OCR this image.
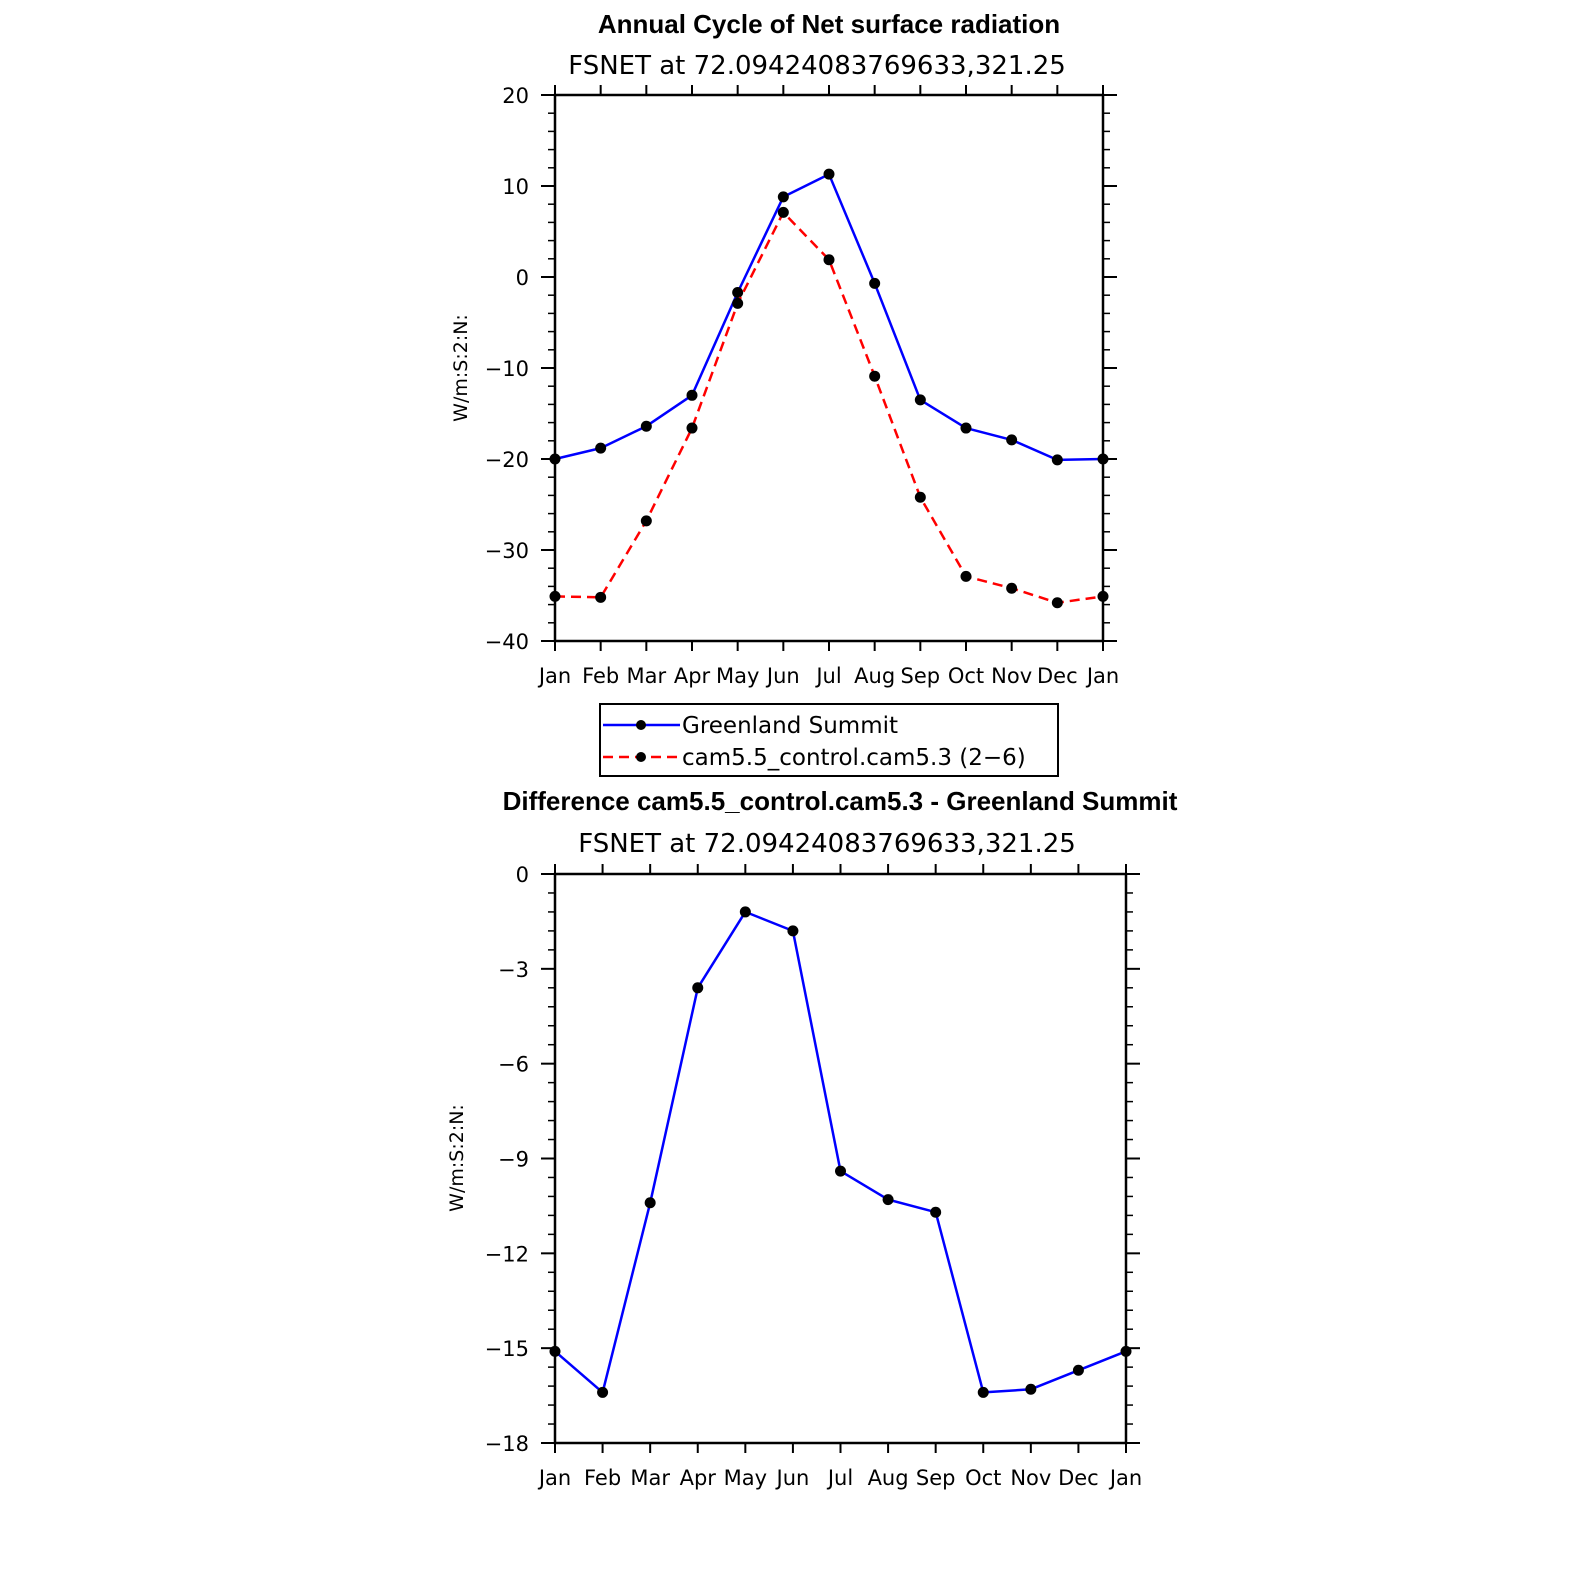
Annual Cycle of Net surface radiation
FSNET at 72.09424083769633,321.25
W/m:S:2:N:
Jan Feb Mar Apr May Jun Jul Aug Sep Oct Nov Dec Jan
20
10
0
−10
−20
−30
−40
Greenland Summit
cam5.5_control.cam5.3 (2−6)
Difference cam5.5_control.cam5.3 - Greenland Summit
FSNET at 72.09424083769633,321.25
W/m:S:2:N:
Jan Feb Mar Apr May Jun Jul Aug Sep Oct Nov Dec Jan
0
−3
−6
−9
−12
−15
−18
